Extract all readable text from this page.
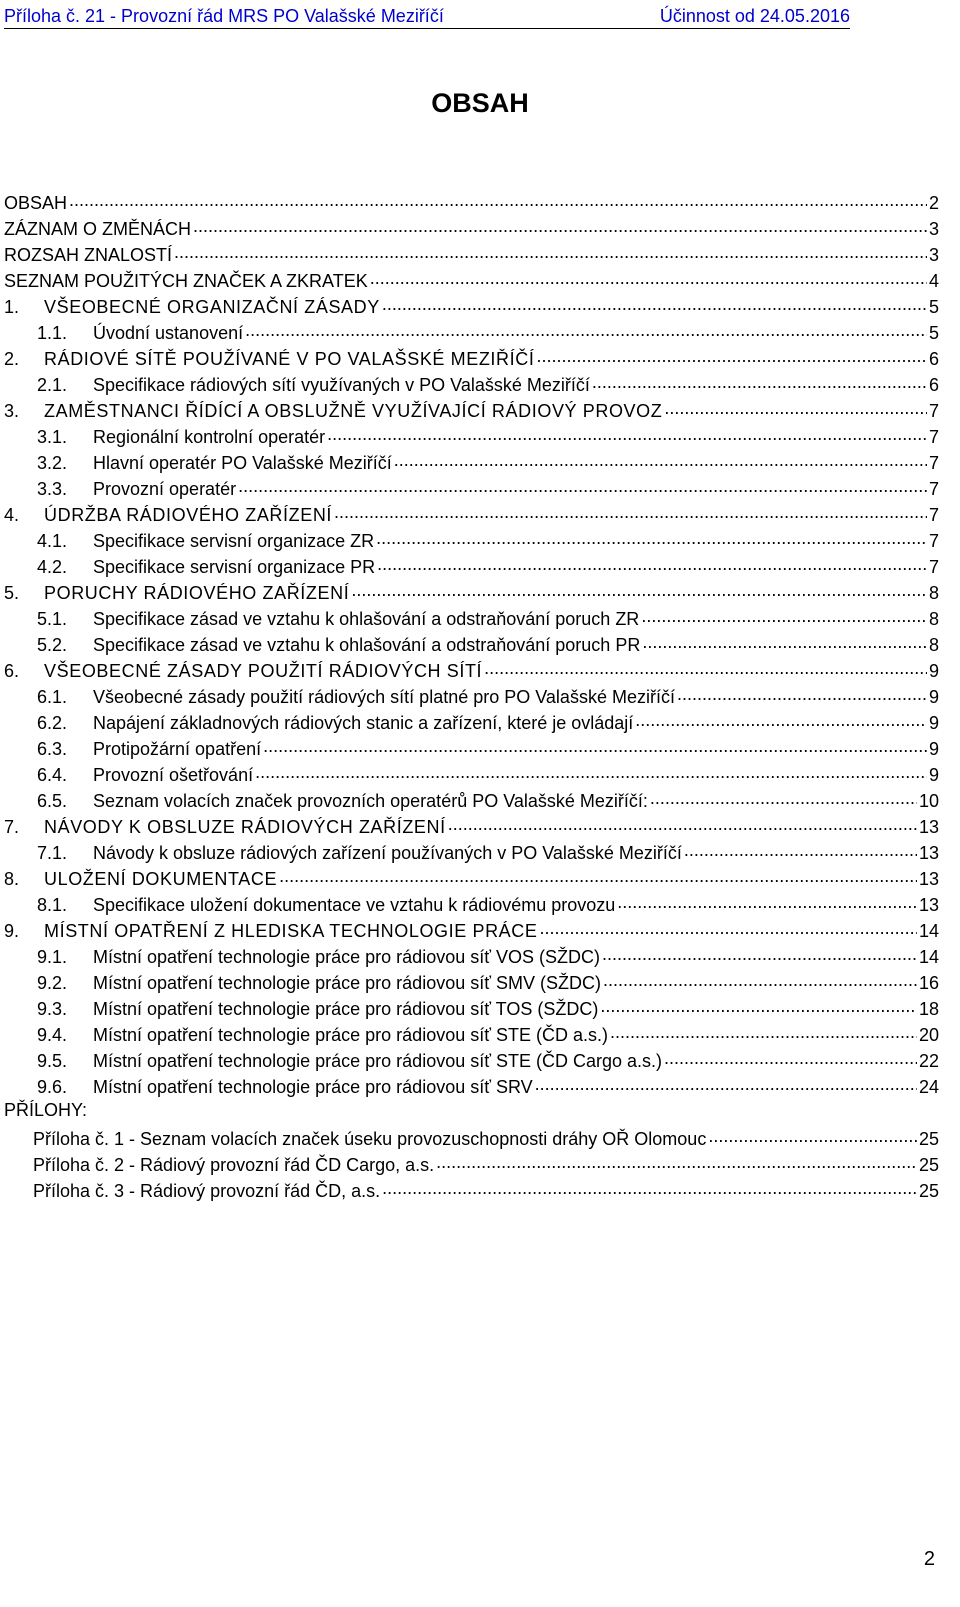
Příloha č. 21 - Provozní řád MRS PO Valašské Meziříčí	Účinnost od 24.05.2016
OBSAH
OBSAH .....	2
ZÁZNAM O ZMĚNÁCH .....	3
ROZSAH ZNALOSTÍ .....	3
SEZNAM POUŽITÝCH ZNAČEK A ZKRATEK .....	4
1.	VŠEOBECNÉ ORGANIZAČNÍ ZÁSADY .....	5
1.1.	Úvodní ustanovení .....	5
2.	RÁDIOVÉ SÍTĚ POUŽÍVANÉ V PO VALAŠSKÉ MEZIŘÍČÍ .....	6
2.1.	Specifikace rádiových sítí využívaných v PO Valašské Meziříčí .....	6
3.	ZAMĚSTNANCI ŘÍDÍCÍ A OBSLUŽNĚ VYUŽÍVAJÍCÍ RÁDIOVÝ PROVOZ .....	7
3.1.	Regionální kontrolní operatér .....	7
3.2.	Hlavní operatér PO Valašské Meziříčí .....	7
3.3.	Provozní operatér .....	7
4.	ÚDRŽBA RÁDIOVÉHO ZAŘÍZENÍ .....	7
4.1.	Specifikace servisní organizace ZR .....	7
4.2.	Specifikace servisní organizace PR .....	7
5.	PORUCHY RÁDIOVÉHO ZAŘÍZENÍ .....	8
5.1.	Specifikace zásad ve vztahu k ohlašování a odstraňování poruch ZR .....	8
5.2.	Specifikace zásad ve vztahu k ohlašování a odstraňování poruch PR .....	8
6.	VŠEOBECNÉ ZÁSADY POUŽITÍ RÁDIOVÝCH SÍTÍ .....	9
6.1.	Všeobecné zásady použití rádiových sítí platné pro PO Valašské Meziříčí .....	9
6.2.	Napájení základnových rádiových stanic a zařízení, které je ovládají .....	9
6.3.	Protipožární opatření .....	9
6.4.	Provozní ošetřování .....	9
6.5.	Seznam volacích značek provozních operatérů PO Valašské Meziříčí: .....	10
7.	NÁVODY K OBSLUZE RÁDIOVÝCH ZAŘÍZENÍ .....	13
7.1.	Návody k obsluze rádiových zařízení používaných v PO Valašské Meziříčí .....	13
8.	ULOŽENÍ DOKUMENTACE .....	13
8.1.	Specifikace uložení dokumentace ve vztahu k rádiovému provozu .....	13
9.	MÍSTNÍ OPATŘENÍ Z HLEDISKA TECHNOLOGIE PRÁCE .....	14
9.1.	Místní opatření technologie práce pro rádiovou síť VOS (SŽDC) .....	14
9.2.	Místní opatření technologie práce pro rádiovou síť SMV (SŽDC) .....	16
9.3.	Místní opatření technologie práce pro rádiovou síť TOS (SŽDC) .....	18
9.4.	Místní opatření technologie práce pro rádiovou síť STE (ČD a.s.) .....	20
9.5.	Místní opatření technologie práce pro rádiovou síť STE (ČD Cargo a.s.) .....	22
9.6.	Místní opatření technologie práce pro rádiovou síť SRV .....	24
PŘÍLOHY:
Příloha č. 1 - Seznam volacích značek úseku provozuschopnosti dráhy OŘ Olomouc .....	25
Příloha č. 2 - Rádiový provozní řád ČD Cargo, a.s. .....	25
Příloha č. 3 - Rádiový provozní řád ČD, a.s. .....	25
2
